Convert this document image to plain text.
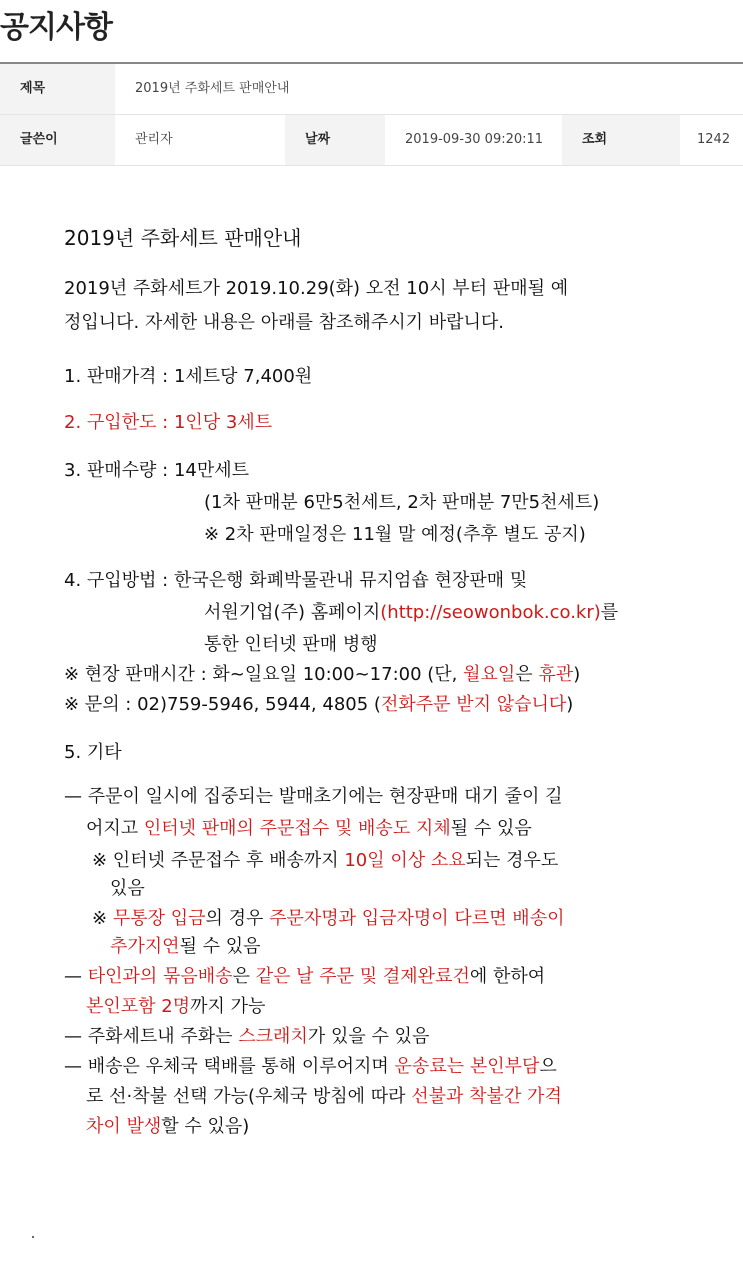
공지사항
제목	2019년 주화세트 판매안내
글쓴이	관리자	날짜	2019-09-30 09:20:11	조회	1242
2019년 주화세트 판매안내
2019년 주화세트가 2019.10.29(화) 오전 10시 부터 판매될 예
정입니다. 자세한 내용은 아래를 참조해주시기 바랍니다.
1. 판매가격 : 1세트당 7,400원
2. 구입한도 : 1인당 3세트
3. 판매수량 : 14만세트
(1차 판매분 6만5천세트, 2차 판매분 7만5천세트)
※ 2차 판매일정은 11월 말 예정(추후 별도 공지)
4. 구입방법 : 한국은행 화폐박물관내 뮤지엄숍 현장판매 및
서원기업(주) 홈페이지(http://seowonbok.co.kr)를
통한 인터넷 판매 병행
※ 현장 판매시간 : 화~일요일 10:00~17:00 (단, 월요일은 휴관)
※ 문의 : 02)759-5946, 5944, 4805 (전화주문 받지 않습니다)
5. 기타
— 주문이 일시에 집중되는 발매초기에는 현장판매 대기 줄이 길
어지고 인터넷 판매의 주문접수 및 배송도 지체될 수 있음
※ 인터넷 주문접수 후 배송까지 10일 이상 소요되는 경우도
있음
※ 무통장 입금의 경우 주문자명과 입금자명이 다르면 배송이
추가지연될 수 있음
— 타인과의 묶음배송은 같은 날 주문 및 결제완료건에 한하여
본인포함 2명까지 가능
— 주화세트내 주화는 스크래치가 있을 수 있음
— 배송은 우체국 택배를 통해 이루어지며 운송료는 본인부담으
로 선·착불 선택 가능(우체국 방침에 따라 선불과 착불간 가격
차이 발생할 수 있음)
